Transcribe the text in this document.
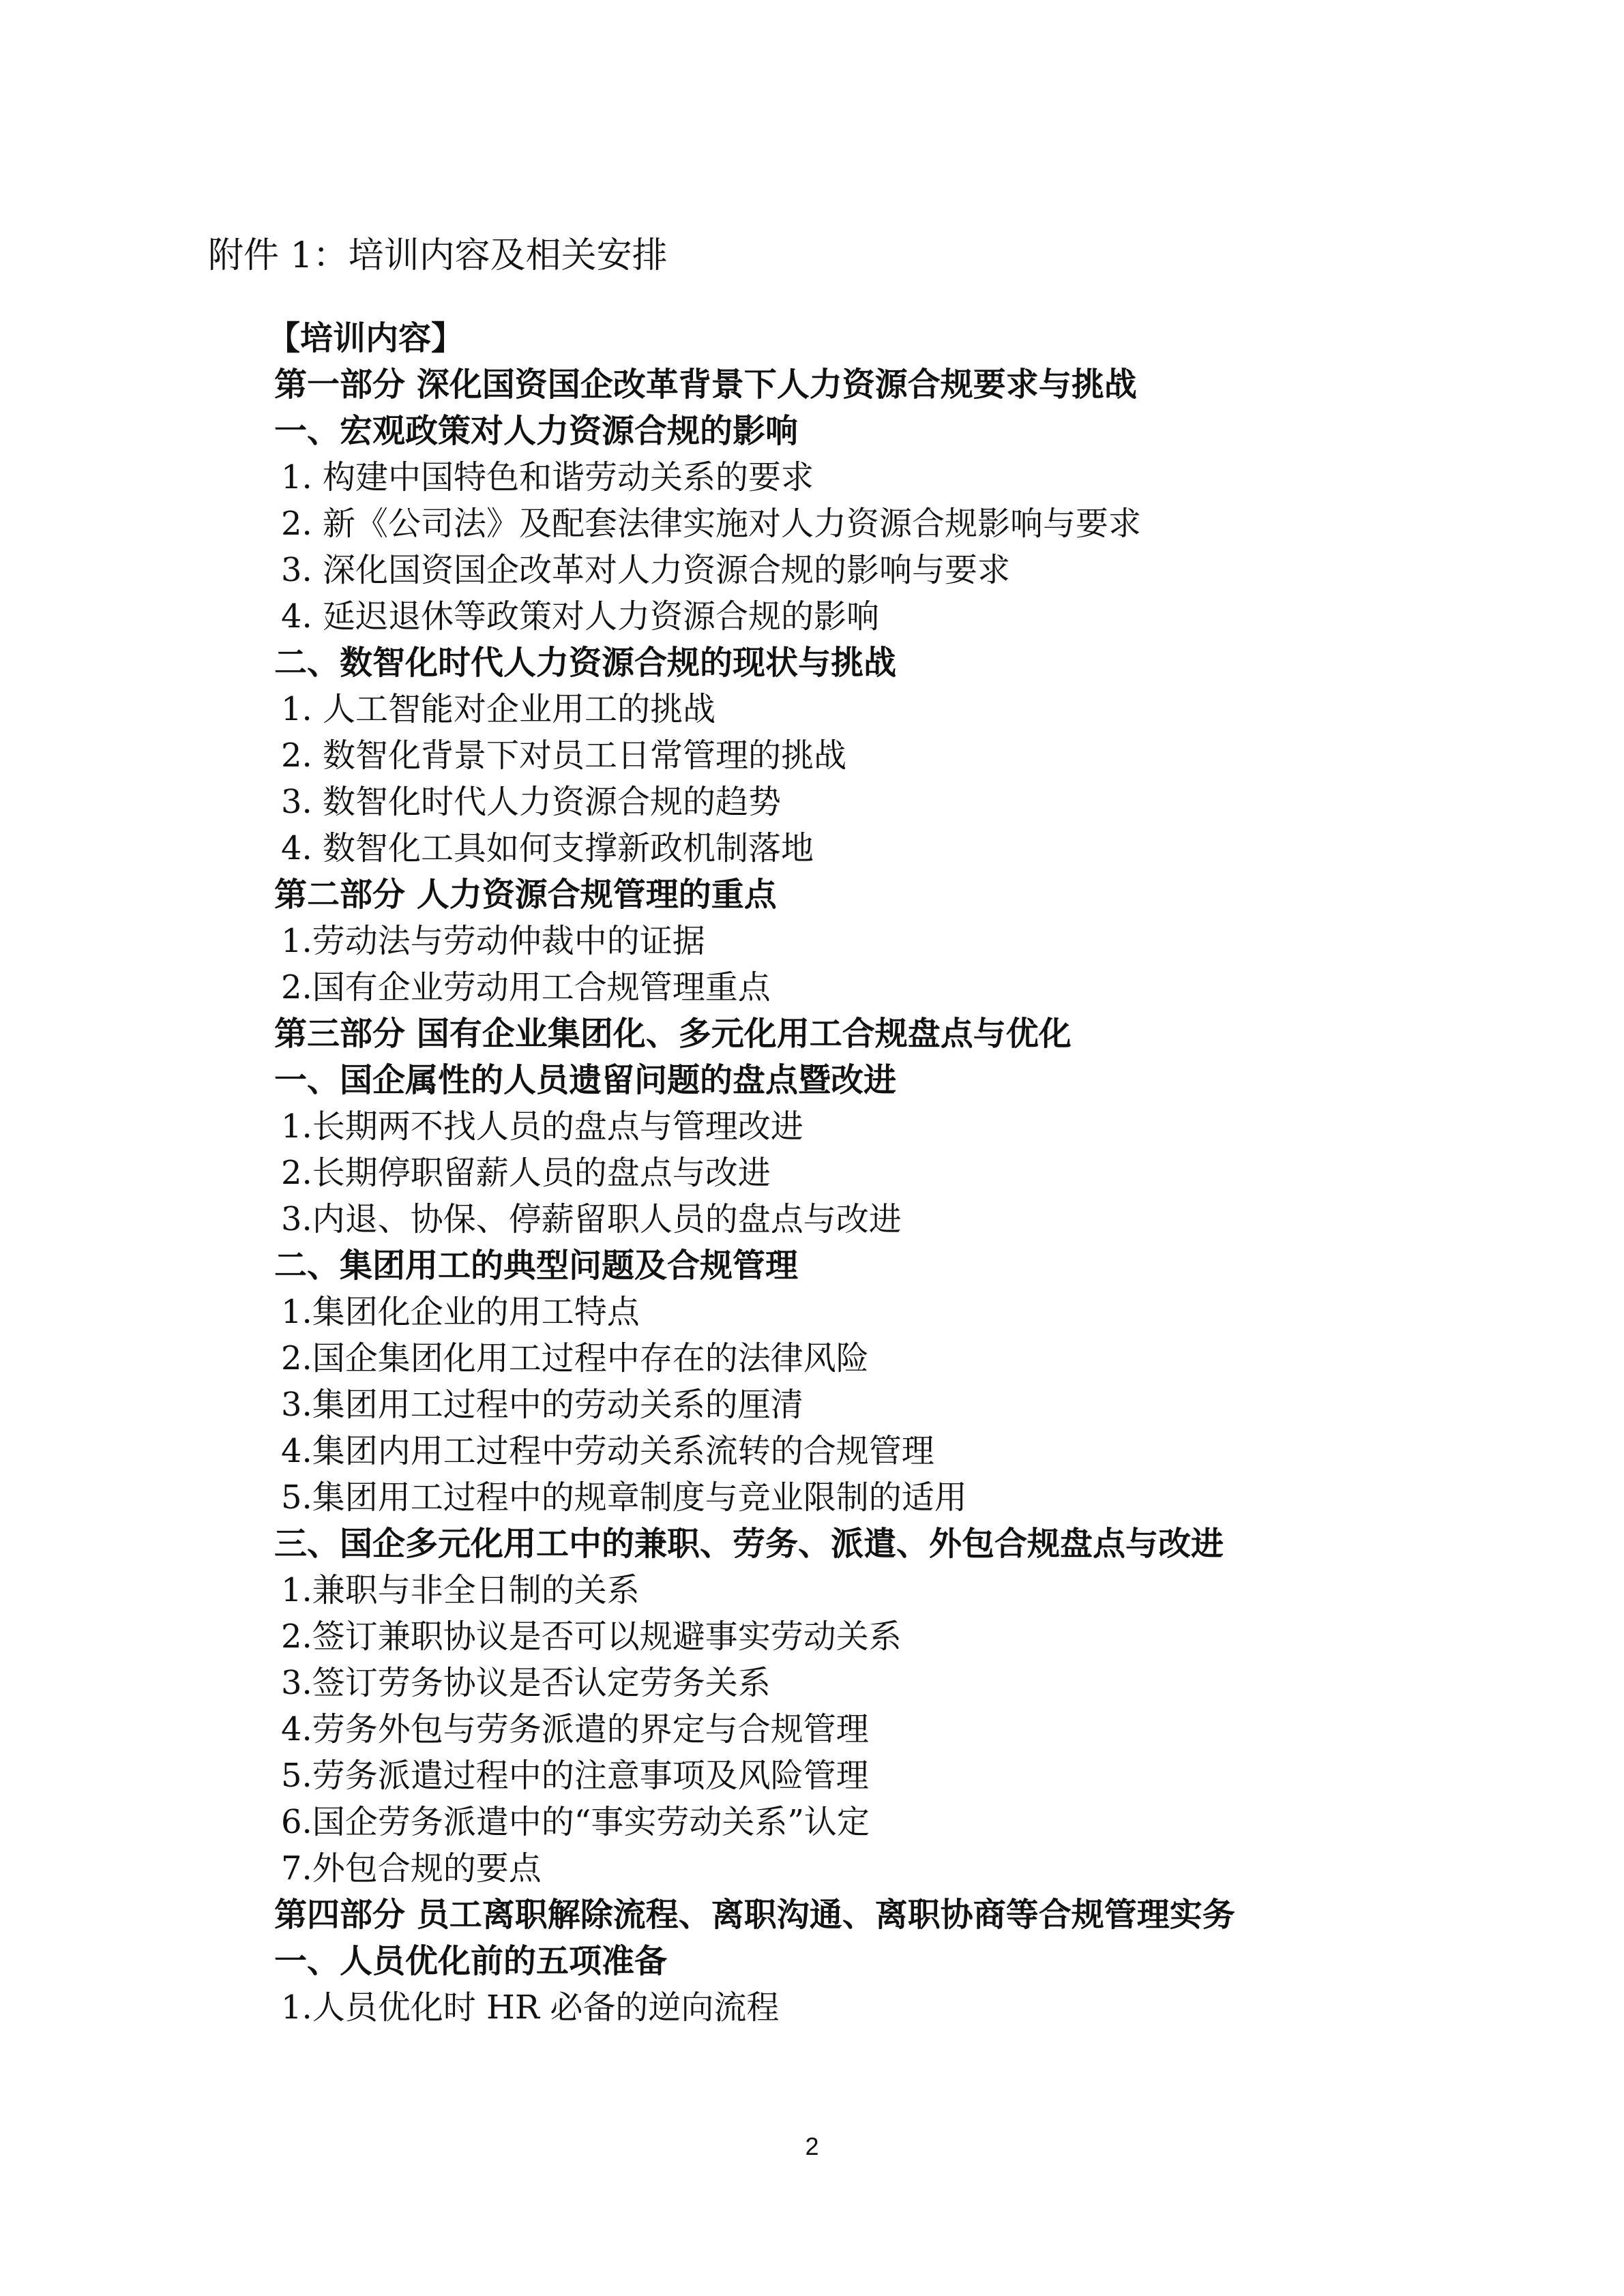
附件 1：培训内容及相关安排
【培训内容】
第一部分 深化国资国企改革背景下人力资源合规要求与挑战
一、宏观政策对人力资源合规的影响
1. 构建中国特色和谐劳动关系的要求
2. 新《公司法》及配套法律实施对人力资源合规影响与要求
3. 深化国资国企改革对人力资源合规的影响与要求
4. 延迟退休等政策对人力资源合规的影响
二、数智化时代人力资源合规的现状与挑战
1. 人工智能对企业用工的挑战
2. 数智化背景下对员工日常管理的挑战
3. 数智化时代人力资源合规的趋势
4. 数智化工具如何支撑新政机制落地
第二部分 人力资源合规管理的重点
1.劳动法与劳动仲裁中的证据
2.国有企业劳动用工合规管理重点
第三部分 国有企业集团化、多元化用工合规盘点与优化
一、国企属性的人员遗留问题的盘点暨改进
1.长期两不找人员的盘点与管理改进
2.长期停职留薪人员的盘点与改进
3.内退、协保、停薪留职人员的盘点与改进
二、集团用工的典型问题及合规管理
1.集团化企业的用工特点
2.国企集团化用工过程中存在的法律风险
3.集团用工过程中的劳动关系的厘清
4.集团内用工过程中劳动关系流转的合规管理
5.集团用工过程中的规章制度与竞业限制的适用
三、国企多元化用工中的兼职、劳务、派遣、外包合规盘点与改进
1.兼职与非全日制的关系
2.签订兼职协议是否可以规避事实劳动关系
3.签订劳务协议是否认定劳务关系
4.劳务外包与劳务派遣的界定与合规管理
5.劳务派遣过程中的注意事项及风险管理
6.国企劳务派遣中的“事实劳动关系”认定
7.外包合规的要点
第四部分 员工离职解除流程、离职沟通、离职协商等合规管理实务
一、人员优化前的五项准备
1.人员优化时 HR 必备的逆向流程
2
